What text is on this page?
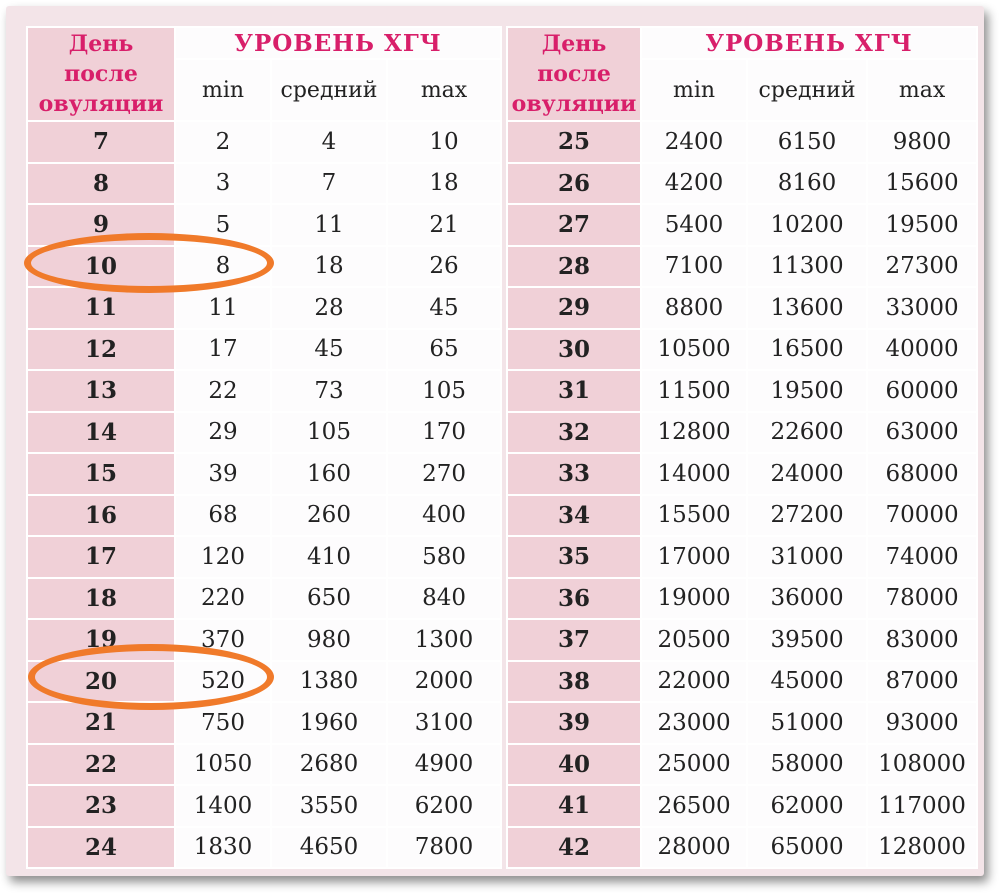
День
после
овуляции	УРОВЕНЬ ХГЧ				День
после
овуляции	УРОВЕНЬ ХГЧ		
	min	средний	max			min	средний	max
7	2	4	10		25	2400	6150	9800
8	3	7	18		26	4200	8160	15600
9	5	11	21		27	5400	10200	19500
10	8	18	26		28	7100	11300	27300
11	11	28	45		29	8800	13600	33000
12	17	45	65		30	10500	16500	40000
13	22	73	105		31	11500	19500	60000
14	29	105	170		32	12800	22600	63000
15	39	160	270		33	14000	24000	68000
16	68	260	400		34	15500	27200	70000
17	120	410	580		35	17000	31000	74000
18	220	650	840		36	19000	36000	78000
19	370	980	1300		37	20500	39500	83000
20	520	1380	2000		38	22000	45000	87000
21	750	1960	3100		39	23000	51000	93000
22	1050	2680	4900		40	25000	58000	108000
23	1400	3550	6200		41	26500	62000	117000
24	1830	4650	7800		42	28000	65000	128000
